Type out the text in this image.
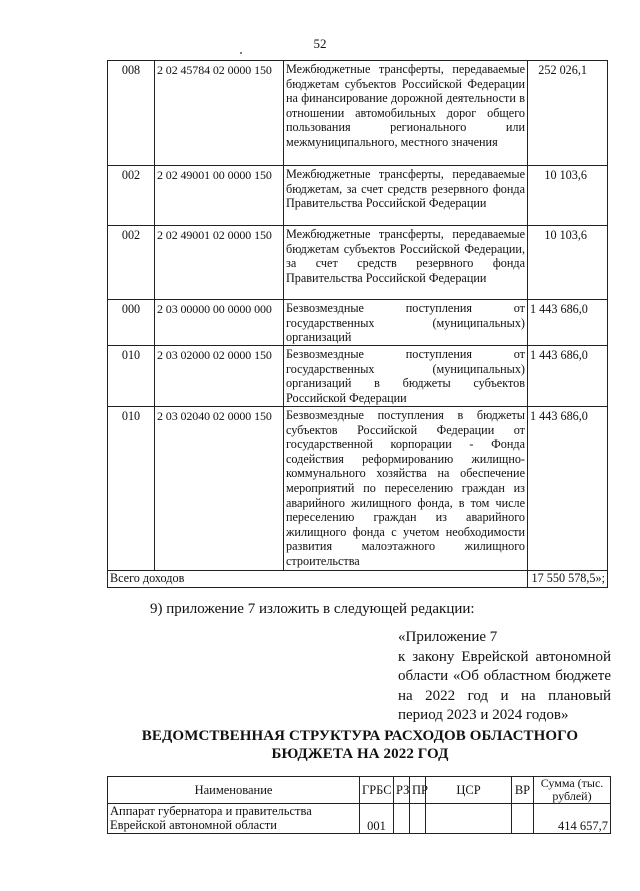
52
008	2 02 45784 02 0000 150	Межбюджетные трансферты, передаваемые бюджетам субъектов Российской Федерации на финансирование дорожной деятельности в отношении автомобильных дорог общего пользования регионального или межмуниципального, местного значения	252 026,1
002	2 02 49001 00 0000 150	Межбюджетные трансферты, передаваемые бюджетам, за счет средств резервного фонда Правительства Российской Федерации	10 103,6
002	2 02 49001 02 0000 150	Межбюджетные трансферты, передаваемые бюджетам субъектов Российской Федерации, за счет средств резервного фонда Правительства Российской Федерации	10 103,6
000	2 03 00000 00 0000 000	Безвозмездные поступления от государственных (муниципальных) организаций	1 443 686,0
010	2 03 02000 02 0000 150	Безвозмездные поступления от государственных (муниципальных) организаций в бюджеты субъектов Российской Федерации	1 443 686,0
010	2 03 02040 02 0000 150	Безвозмездные поступления в бюджеты субъектов Российской Федерации от государственной корпорации - Фонда содействия реформированию жилищно-коммунального хозяйства на обеспечение мероприятий по переселению граждан из аварийного жилищного фонда, в том числе переселению граждан из аварийного жилищного фонда с учетом необходимости развития малоэтажного жилищного строительства	1 443 686,0
Всего доходов			17 550 578,5»;
9) приложение 7 изложить в следующей редакции:
«Приложение 7
к закону Еврейской автономной
области «Об областном бюджете
на 2022 год и на плановый
период 2023 и 2024 годов»
ВЕДОМСТВЕННАЯ СТРУКТУРА РАСХОДОВ ОБЛАСТНОГО
БЮДЖЕТА НА 2022 ГОД
Наименование	ГРБС	РЗ	ПР	ЦСР	ВР	Сумма (тыс. рублей)
Аппарат губернатора и правительства Еврейской автономной области	001					414 657,7
